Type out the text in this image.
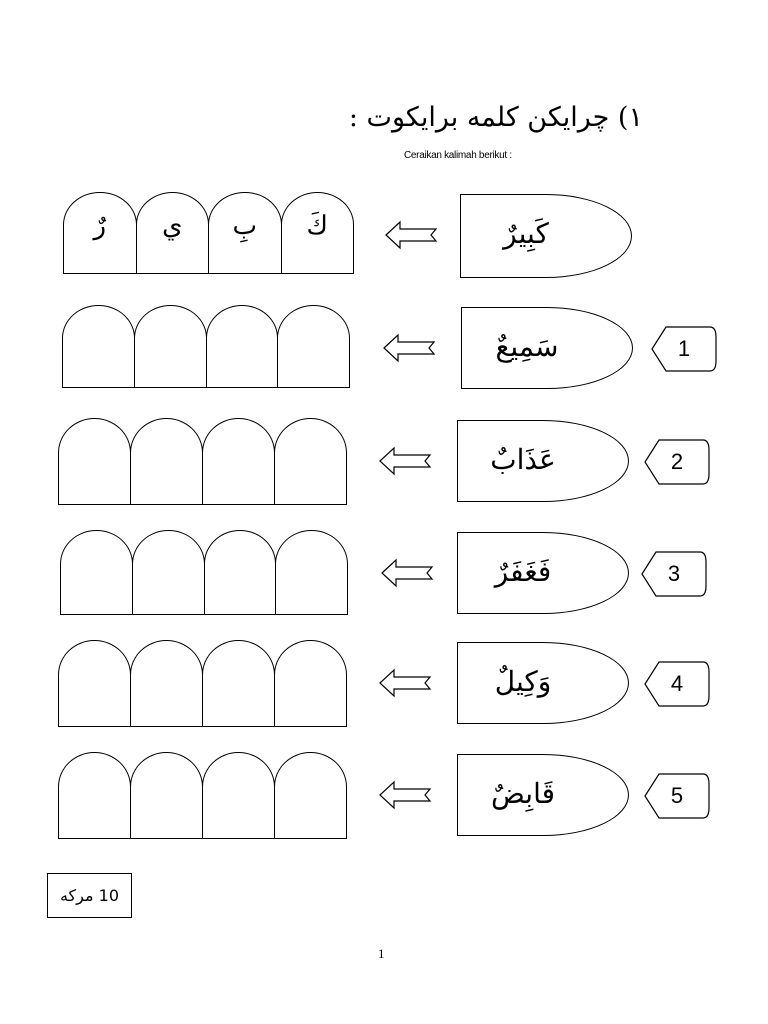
١) چرايکن کلمه برايکوت :
Ceraikan kalimah berikut :
كَ
بِ
ي
رٌ	كَبِيرٌ
سَمِيعٌ	1
عَذَابٌ	2
فَغَفَرٌ	3
وَكِيلٌ	4
قَابِضٌ	5
10 مرکه
1
